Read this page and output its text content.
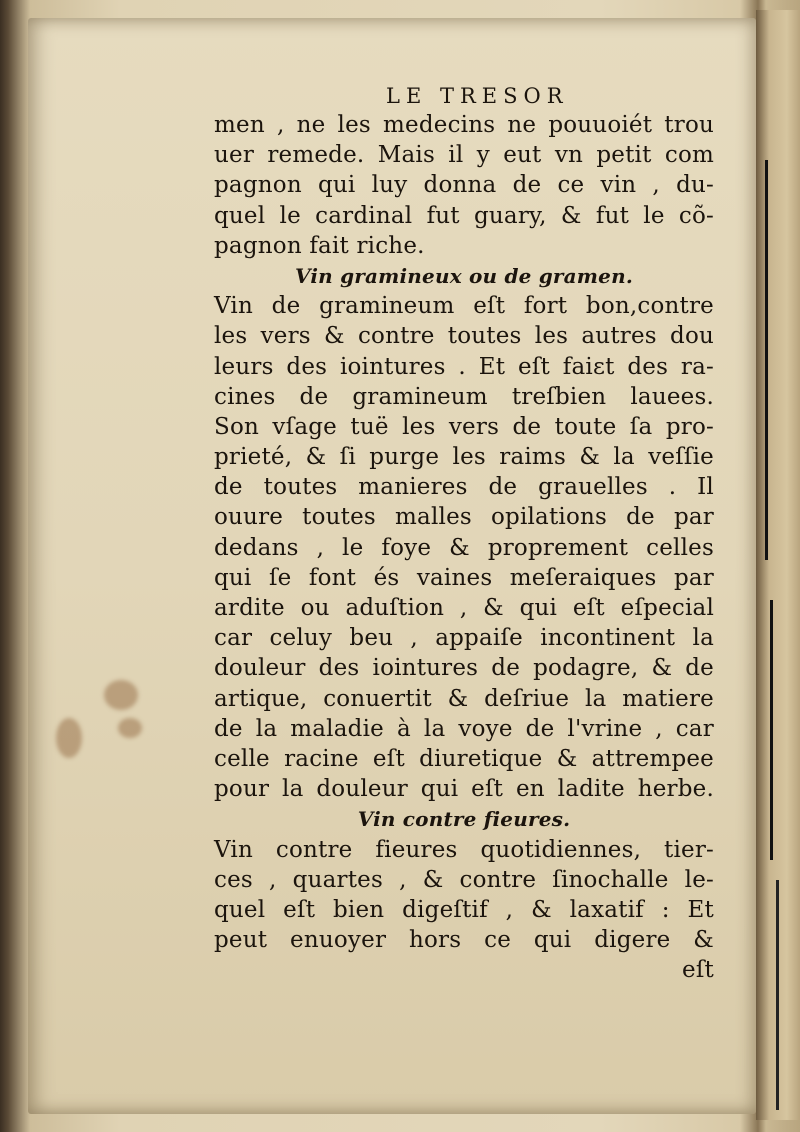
LE TRESOR
men , ne les medecins ne pouuoiét trou
uer remede. Mais il y eut vn petit com
pagnon qui luy donna de ce vin , du-
quel le cardinal fut guary, & fut le cõ-
pagnon fait riche.
Vin gramineux ou de gramen.
Vin de gramineum eſt fort bon,contre
les vers & contre toutes les autres dou
leurs des iointures . Et eſt faiɛt des ra-
cines de gramineum treſbien lauees.
Son vſage tuë les vers de toute ſa pro-
prieté, & ſi purge les raims & la veſſie
de toutes manieres de grauelles . Il
ouure toutes malles opilations de par
dedans , le foye & proprement celles
qui ſe font és vaines meſeraiques par
ardite ou aduſtion , & qui eſt eſpecial
car celuy beu , appaiſe incontinent la
douleur des iointures de podagre, & de
artique, conuertit & deſriue la matiere
de la maladie à la voye de l'vrine , car
celle racine eſt diuretique & attrempee
pour la douleur qui eſt en ladite herbe.
Vin contre fieures.
Vin contre fieures quotidiennes, tier-
ces , quartes , & contre ſinochalle le-
quel eſt bien digeſtif , & laxatif : Et
peut enuoyer hors ce qui digere &
eſt
